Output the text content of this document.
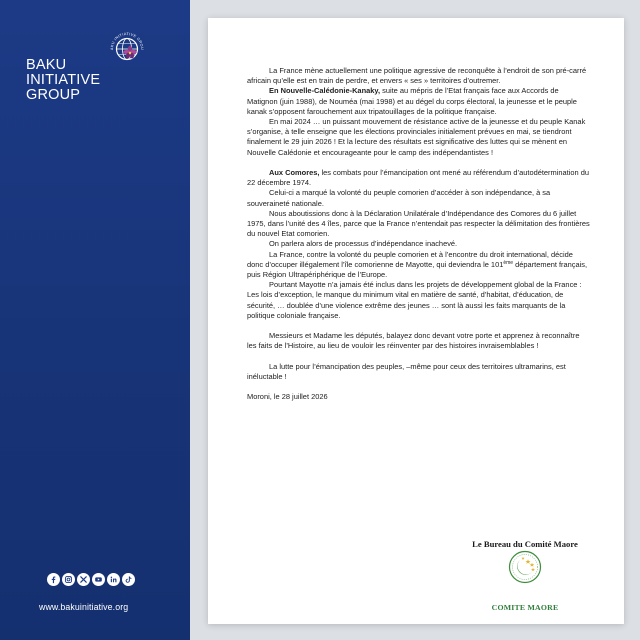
AKU INITIATIVE GROU
BAKU
INITIATIVE
GROUP
www.bakuinitiative.org

La France mène actuellement une politique agressive de reconquête à l’endroit de son pré-carré africain qu’elle est en train de perdre, et envers « ses » territoires d’outremer.

En Nouvelle-Calédonie-Kanaky, suite au mépris de l’Etat français face aux Accords de Matignon (juin 1988), de Nouméa (mai 1998) et au dégel du corps électoral, la jeunesse et le peuple kanak s’opposent farouchement aux tripatouillages de la politique française.

En mai 2024 … un puissant mouvement de résistance active de la jeunesse et du peuple Kanak s’organise, à telle enseigne que les élections provinciales initialement prévues en mai, se tiendront finalement le 29 juin 2026 ! Et la lecture des résultats est significative des luttes qui se mènent en Nouvelle Calédonie et encourageante pour le camp des indépendantistes !

Aux Comores, les combats pour l’émancipation ont mené au référendum d’autodétermination du 22 décembre 1974.

Celui-ci a marqué la volonté du peuple comorien d’accéder à son indépendance, à sa souveraineté nationale.

Nous aboutissions donc à la Déclaration Unilatérale d’Indépendance des Comores du 6 juillet 1975, dans l’unité des 4 îles, parce que la France n’entendait pas respecter la délimitation des frontières du nouvel Etat comorien.

On parlera alors de processus d’indépendance inachevé.

La France, contre la volonté du peuple comorien et à l’encontre du droit international, décide donc d’occuper illégalement l’île comorienne de Mayotte, qui deviendra le 101ème département français, puis Région Ultrapériphérique de l’Europe.

Pourtant Mayotte n’a jamais été inclus dans les projets de développement global de la France : Les lois d’exception, le manque du minimum vital en matière de santé, d’habitat, d’éducation, de sécurité, … doublée d’une violence extrême des jeunes … sont là aussi les faits marquants de la politique coloniale française.

Messieurs et Madame les députés, balayez donc devant votre porte et apprenez à reconnaître les faits de l’Histoire, au lieu de vouloir les réinventer par des histoires invraisemblables !

La lutte pour l’émancipation des peuples, –même pour ceux des territoires ultramarins, est inéluctable !

Moroni, le 28 juillet 2026

Le Bureau du Comité Maore

COMITE MAORE
